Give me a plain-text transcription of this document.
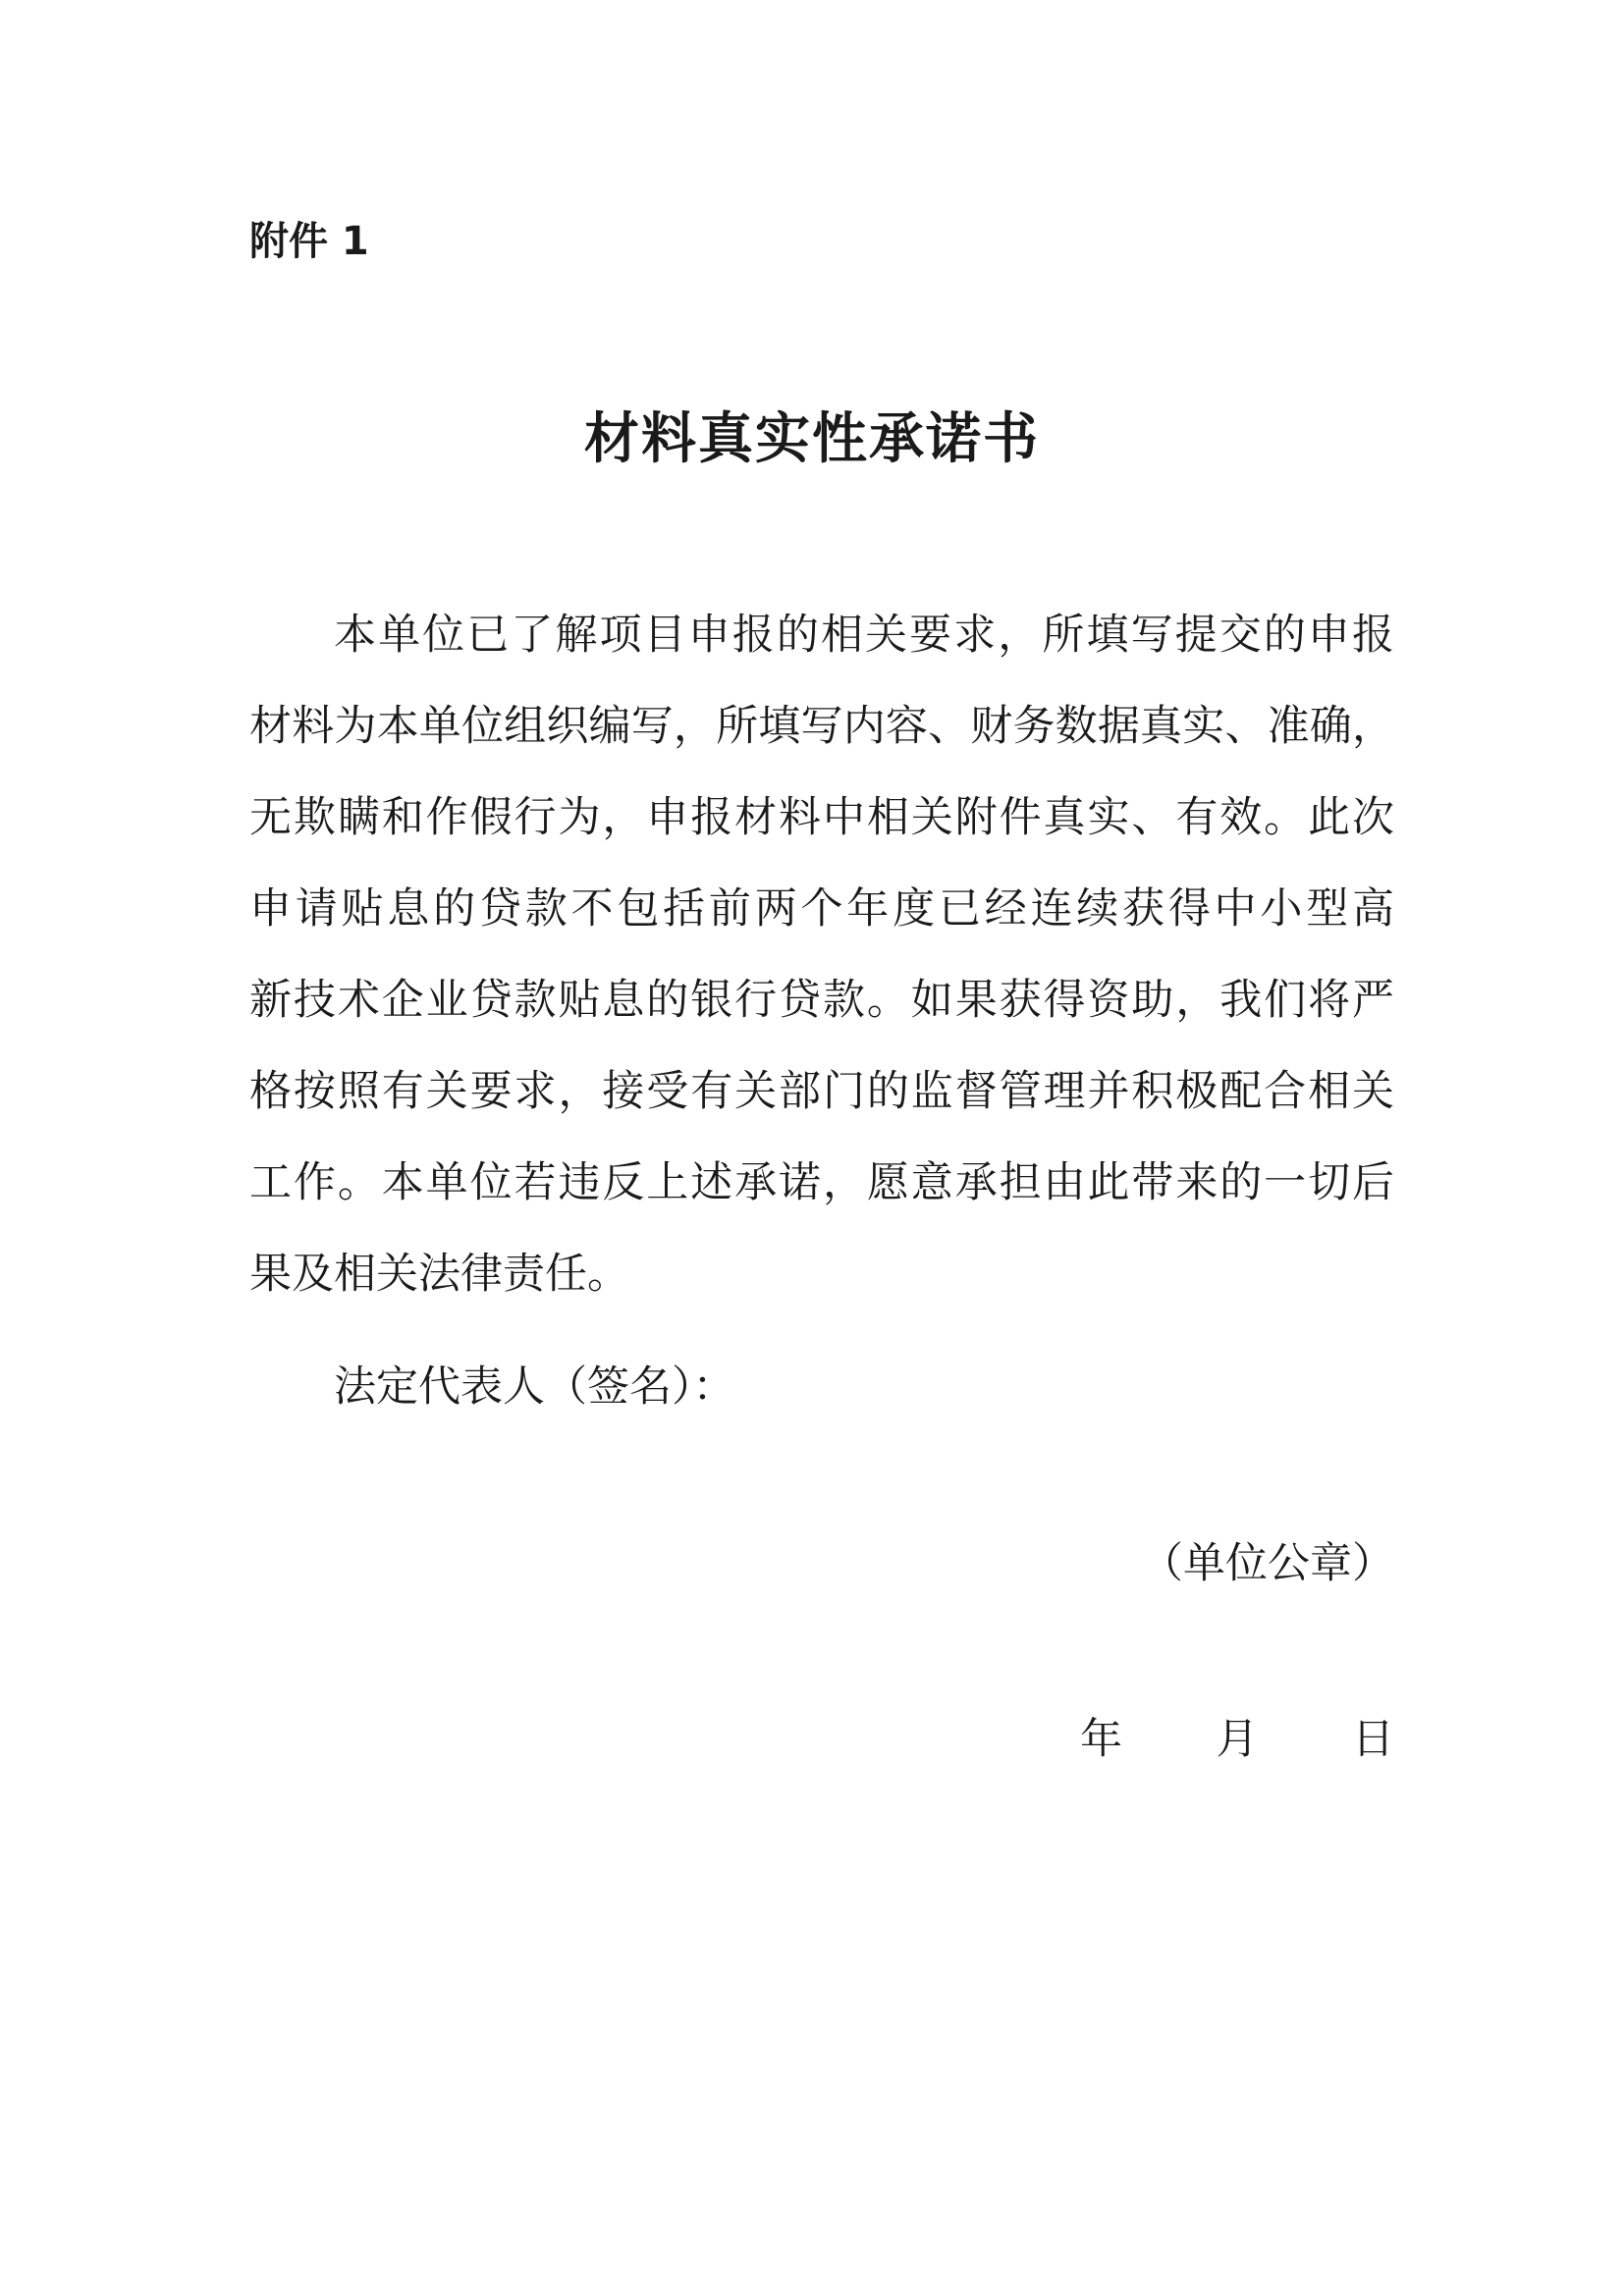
附件 1
材料真实性承诺书
本单位已了解项目申报的相关要求，所填写提交的申报
材料为本单位组织编写，所填写内容、财务数据真实、准确，
无欺瞒和作假行为，申报材料中相关附件真实、有效。此次
申请贴息的贷款不包括前两个年度已经连续获得中小型高
新技术企业贷款贴息的银行贷款。如果获得资助，我们将严
格按照有关要求，接受有关部门的监督管理并积极配合相关
工作。本单位若违反上述承诺，愿意承担由此带来的一切后
果及相关法律责任。
法定代表人（签名）：
（单位公章）
年 月 日
